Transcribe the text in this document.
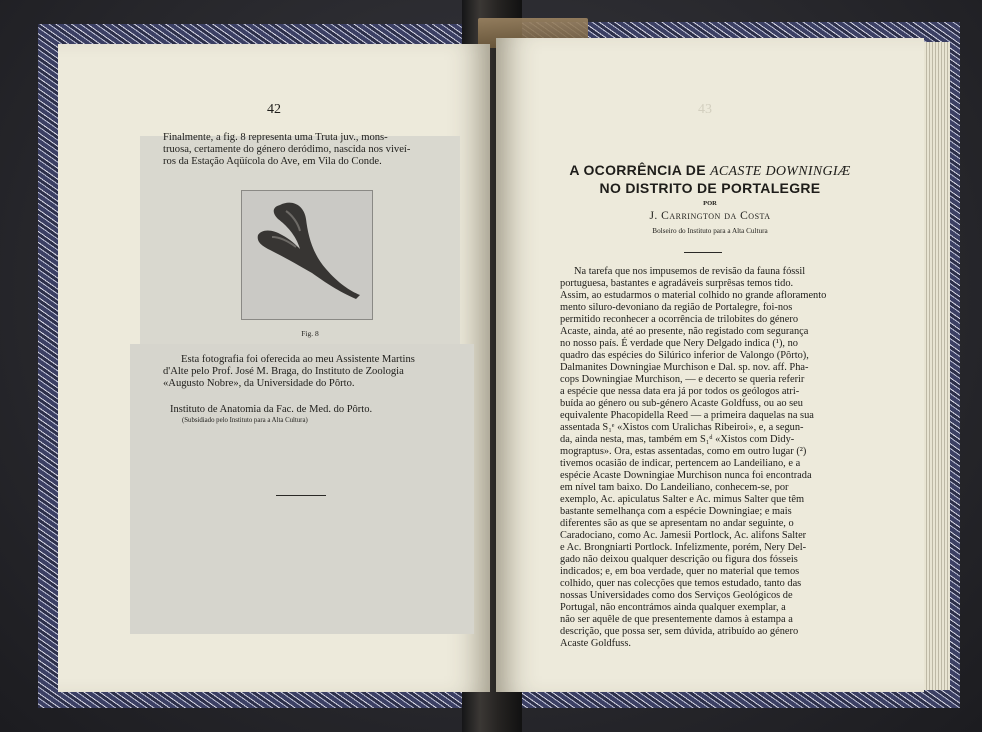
42
Finalmente, a fig. 8 representa uma Truta juv., mons-
truosa, certamente do género deródimo, nascida nos viveí-
ros da Estação Aqüícola do Ave, em Vila do Conde.
Fig. 8
Esta fotografia foi oferecida ao meu Assistente Martins
d'Alte pelo Prof. José M. Braga, do Instituto de Zoologia
«Augusto Nobre», da Universidade do Pôrto.
Instituto de Anatomia da Fac. de Med. do Pôrto.
(Subsidiado pelo Instituto para a Alta Cultura)
43
A OCORRÊNCIA DE ACASTE DOWNINGIÆ
NO DISTRITO DE PORTALEGRE
POR
J. Carrington da Costa
Bolseiro do Instituto para a Alta Cultura
Na tarefa que nos impusemos de revisão da fauna fóssil
portuguesa, bastantes e agradáveis surprêsas temos tido.
Assim, ao estudarmos o material colhido no grande afloramento
mento siluro-devoniano da região de Portalegre, foi-nos
permitido reconhecer a ocorrência de trilobites do género
Acaste, ainda, até ao presente, não registado com segurança
no nosso país. É verdade que Nery Delgado indica (¹), no
quadro das espécies do Silúrico inferior de Valongo (Pôrto),
Dalmanites Downingiae Murchison e Dal. sp. nov. aff. Pha-
cops Downingiae Murchison, — e decerto se queria referir
a espécie que nessa data era já por todos os geólogos atri-
buída ao género ou sub-género Acaste Goldfuss, ou ao seu
equivalente Phacopidella Reed — a primeira daquelas na sua
assentada S₁ᵉ «Xistos com Uralichas Ribeiroi», e, a segun-
da, ainda nesta, mas, também em S₁ᵈ «Xistos com Didy-
mograptus». Ora, estas assentadas, como em outro lugar (²)
tivemos ocasião de indicar, pertencem ao Landeiliano, e a
espécie Acaste Downingiae Murchison nunca foi encontrada
em nível tam baixo. Do Landeiliano, conhecem-se, por
exemplo, Ac. apiculatus Salter e Ac. mimus Salter que têm
bastante semelhança com a espécie Downingiae; e mais
diferentes são as que se apresentam no andar seguinte, o
Caradociano, como Ac. Jamesii Portlock, Ac. alifons Salter
e Ac. Brongniarti Portlock. Infelizmente, porém, Nery Del-
gado não deixou qualquer descrição ou figura dos fósseis
indicados; e, em boa verdade, quer no material que temos
colhido, quer nas colecções que temos estudado, tanto das
nossas Universidades como dos Serviços Geológicos de
Portugal, não encontrámos ainda qualquer exemplar, a
não ser aquêle de que presentemente damos à estampa a
descrição, que possa ser, sem dúvida, atribuído ao género
Acaste Goldfuss.
